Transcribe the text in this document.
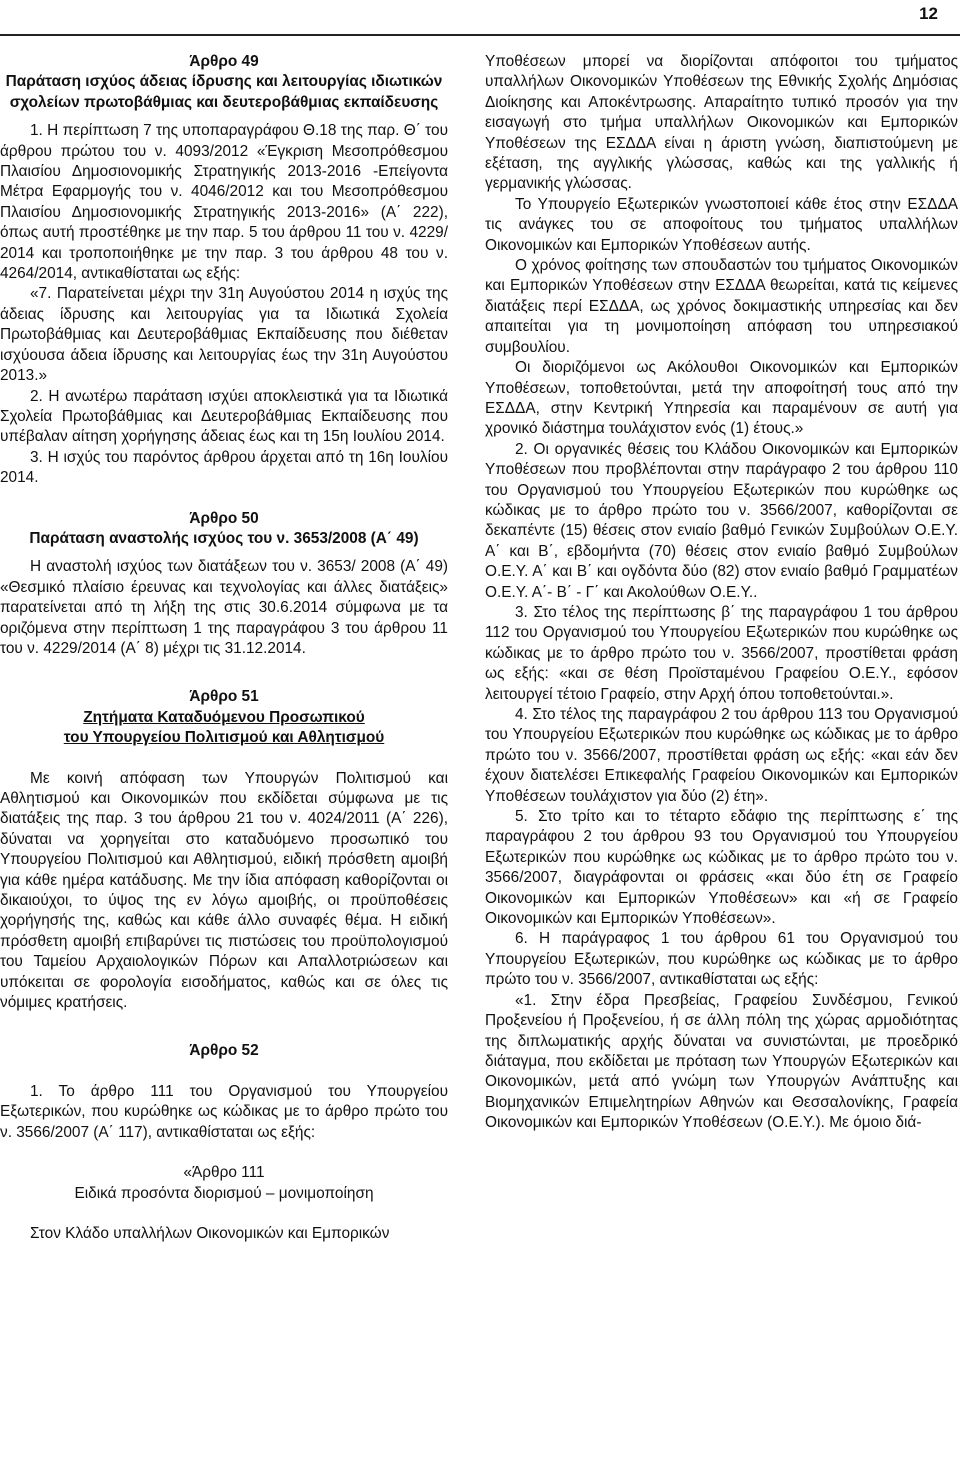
12
Άρθρο 49
Παράταση ισχύος άδειας ίδρυσης και λειτουργίας ιδιωτικών σχολείων πρωτοβάθμιας και δευτεροβάθμιας εκπαίδευσης

1. Η περίπτωση 7 της υποπαραγράφου Θ.18 της παρ. Θ΄ του άρθρου πρώτου του ν. 4093/2012 «Έγκριση Μεσοπρόθεσμου Πλαισίου Δημοσιονομικής Στρατηγικής 2013-2016 -Επείγοντα Μέτρα Εφαρμογής του ν. 4046/2012 και του Μεσοπρόθεσμου Πλαισίου Δημοσιονομικής Στρατηγικής 2013-2016» (Α΄ 222), όπως αυτή προστέθηκε με την παρ. 5 του άρθρου 11 του ν. 4229/ 2014 και τροποποιήθηκε με την παρ. 3 του άρθρου 48 του ν. 4264/2014, αντικαθίσταται ως εξής:

«7. Παρατείνεται μέχρι την 31η Αυγούστου 2014 η ισχύς της άδειας ίδρυσης και λειτουργίας για τα Ιδιωτικά Σχολεία Πρωτοβάθμιας και Δευτεροβάθμιας Εκπαίδευσης που διέθεταν ισχύουσα άδεια ίδρυσης και λειτουργίας έως την 31η Αυγούστου 2013.»

2. Η ανωτέρω παράταση ισχύει αποκλειστικά για τα Ιδιωτικά Σχολεία Πρωτοβάθμιας και Δευτεροβάθμιας Εκπαίδευσης που υπέβαλαν αίτηση χορήγησης άδειας έως και τη 15η Ιουλίου 2014.

3. Η ισχύς του παρόντος άρθρου άρχεται από τη 16η Ιουλίου 2014.

Άρθρο 50
Παράταση αναστολής ισχύος του ν. 3653/2008 (Α΄ 49)

Η αναστολή ισχύος των διατάξεων του ν. 3653/ 2008 (Α΄ 49) «Θεσμικό πλαίσιο έρευνας και τεχνολογίας και άλλες διατάξεις» παρατείνεται από τη λήξη της στις 30.6.2014 σύμφωνα με τα οριζόμενα στην περίπτωση 1 της παραγράφου 3 του άρθρου 11 του ν. 4229/2014 (Α΄ 8) μέχρι τις 31.12.2014.

Άρθρο 51
Ζητήματα Καταδυόμενου Προσωπικού
του Υπουργείου Πολιτισμού και Αθλητισμού

Με κοινή απόφαση των Υπουργών Πολιτισμού και Αθλητισμού και Οικονομικών που εκδίδεται σύμφωνα με τις διατάξεις της παρ. 3 του άρθρου 21 του ν. 4024/2011 (Α΄ 226), δύναται να χορηγείται στο καταδυόμενο προσωπικό του Υπουργείου Πολιτισμού και Αθλητισμού, ειδική πρόσθετη αμοιβή για κάθε ημέρα κατάδυσης. Με την ίδια απόφαση καθορίζονται οι δικαιούχοι, το ύψος της εν λόγω αμοιβής, οι προϋποθέσεις χορήγησής της, καθώς και κάθε άλλο συναφές θέμα. Η ειδική πρόσθετη αμοιβή επιβαρύνει τις πιστώσεις του προϋπολογισμού του Ταμείου Αρχαιολογικών Πόρων και Απαλλοτριώσεων και υπόκειται σε φορολογία εισοδήματος, καθώς και σε όλες τις νόμιμες κρατήσεις.

Άρθρο 52

1. Το άρθρο 111 του Οργανισμού του Υπουργείου Εξωτερικών, που κυρώθηκε ως κώδικας με το άρθρο πρώτο του ν. 3566/2007 (Α΄ 117), αντικαθίσταται ως εξής:

«Άρθρο 111
Ειδικά προσόντα διορισμού – μονιμοποίηση

Στον Κλάδο υπαλλήλων Οικονομικών και Εμπορικών

Υποθέσεων μπορεί να διορίζονται απόφοιτοι του τμήματος υπαλλήλων Οικονομικών Υποθέσεων της Εθνικής Σχολής Δημόσιας Διοίκησης και Αποκέντρωσης. Απαραίτητο τυπικό προσόν για την εισαγωγή στο τμήμα υπαλλήλων Οικονομικών και Εμπορικών Υποθέσεων της ΕΣΔΔΑ είναι η άριστη γνώση, διαπιστούμενη με εξέταση, της αγγλικής γλώσσας, καθώς και της γαλλικής ή γερμανικής γλώσσας.

Το Υπουργείο Εξωτερικών γνωστοποιεί κάθε έτος στην ΕΣΔΔΑ τις ανάγκες του σε αποφοίτους του τμήματος υπαλλήλων Οικονομικών και Εμπορικών Υποθέσεων αυτής.

Ο χρόνος φοίτησης των σπουδαστών του τμήματος Οικονομικών και Εμπορικών Υποθέσεων στην ΕΣΔΔΑ θεωρείται, κατά τις κείμενες διατάξεις περί ΕΣΔΔΑ, ως χρόνος δοκιμαστικής υπηρεσίας και δεν απαιτείται για τη μονιμοποίηση απόφαση του υπηρεσιακού συμβουλίου.

Οι διοριζόμενοι ως Ακόλουθοι Οικονομικών και Εμπορικών Υποθέσεων, τοποθετούνται, μετά την αποφοίτησή τους από την ΕΣΔΔΑ, στην Κεντρική Υπηρεσία και παραμένουν σε αυτή για χρονικό διάστημα τουλάχιστον ενός (1) έτους.»

2. Οι οργανικές θέσεις του Κλάδου Οικονομικών και Εμπορικών Υποθέσεων που προβλέπονται στην παράγραφο 2 του άρθρου 110 του Οργανισμού του Υπουργείου Εξωτερικών που κυρώθηκε ως κώδικας με το άρθρο πρώτο του ν. 3566/2007, καθορίζονται σε δεκαπέντε (15) θέσεις στον ενιαίο βαθμό Γενικών Συμβούλων Ο.Ε.Υ. Α΄ και Β΄, εβδομήντα (70) θέσεις στον ενιαίο βαθμό Συμβούλων Ο.Ε.Υ. Α΄ και Β΄ και ογδόντα δύο (82) στον ενιαίο βαθμό Γραμματέων Ο.Ε.Υ. Α΄- Β΄ - Γ΄ και Ακολούθων Ο.Ε.Υ..

3. Στο τέλος της περίπτωσης β΄ της παραγράφου 1 του άρθρου 112 του Οργανισμού του Υπουργείου Εξωτερικών που κυρώθηκε ως κώδικας με το άρθρο πρώτο του ν. 3566/2007, προστίθεται φράση ως εξής: «και σε θέση Προϊσταμένου Γραφείου Ο.Ε.Υ., εφόσον λειτουργεί τέτοιο Γραφείο, στην Αρχή όπου τοποθετούνται.».

4. Στο τέλος της παραγράφου 2 του άρθρου 113 του Οργανισμού του Υπουργείου Εξωτερικών που κυρώθηκε ως κώδικας με το άρθρο πρώτο του ν. 3566/2007, προστίθεται φράση ως εξής: «και εάν δεν έχουν διατελέσει Επικεφαλής Γραφείου Οικονομικών και Εμπορικών Υποθέσεων τουλάχιστον για δύο (2) έτη».

5. Στο τρίτο και το τέταρτο εδάφιο της περίπτωσης ε΄ της παραγράφου 2 του άρθρου 93 του Οργανισμού του Υπουργείου Εξωτερικών που κυρώθηκε ως κώδικας με το άρθρο πρώτο του ν. 3566/2007, διαγράφονται οι φράσεις «και δύο έτη σε Γραφείο Οικονομικών και Εμπορικών Υποθέσεων» και «ή σε Γραφείο Οικονομικών και Εμπορικών Υποθέσεων».

6. Η παράγραφος 1 του άρθρου 61 του Οργανισμού του Υπουργείου Εξωτερικών, που κυρώθηκε ως κώδικας με το άρθρο πρώτο του ν. 3566/2007, αντικαθίσταται ως εξής:

«1. Στην έδρα Πρεσβείας, Γραφείου Συνδέσμου, Γενικού Προξενείου ή Προξενείου, ή σε άλλη πόλη της χώρας αρμοδιότητας της διπλωματικής αρχής δύναται να συνιστώνται, με προεδρικό διάταγμα, που εκδίδεται με πρόταση των Υπουργών Εξωτερικών και Οικονομικών, μετά από γνώμη των Υπουργών Ανάπτυξης και Βιομηχανικών Επιμελητηρίων Αθηνών και Θεσσαλονίκης, Γραφεία Οικονομικών και Εμπορικών Υποθέσεων (Ο.Ε.Υ.). Με όμοιο διά-
